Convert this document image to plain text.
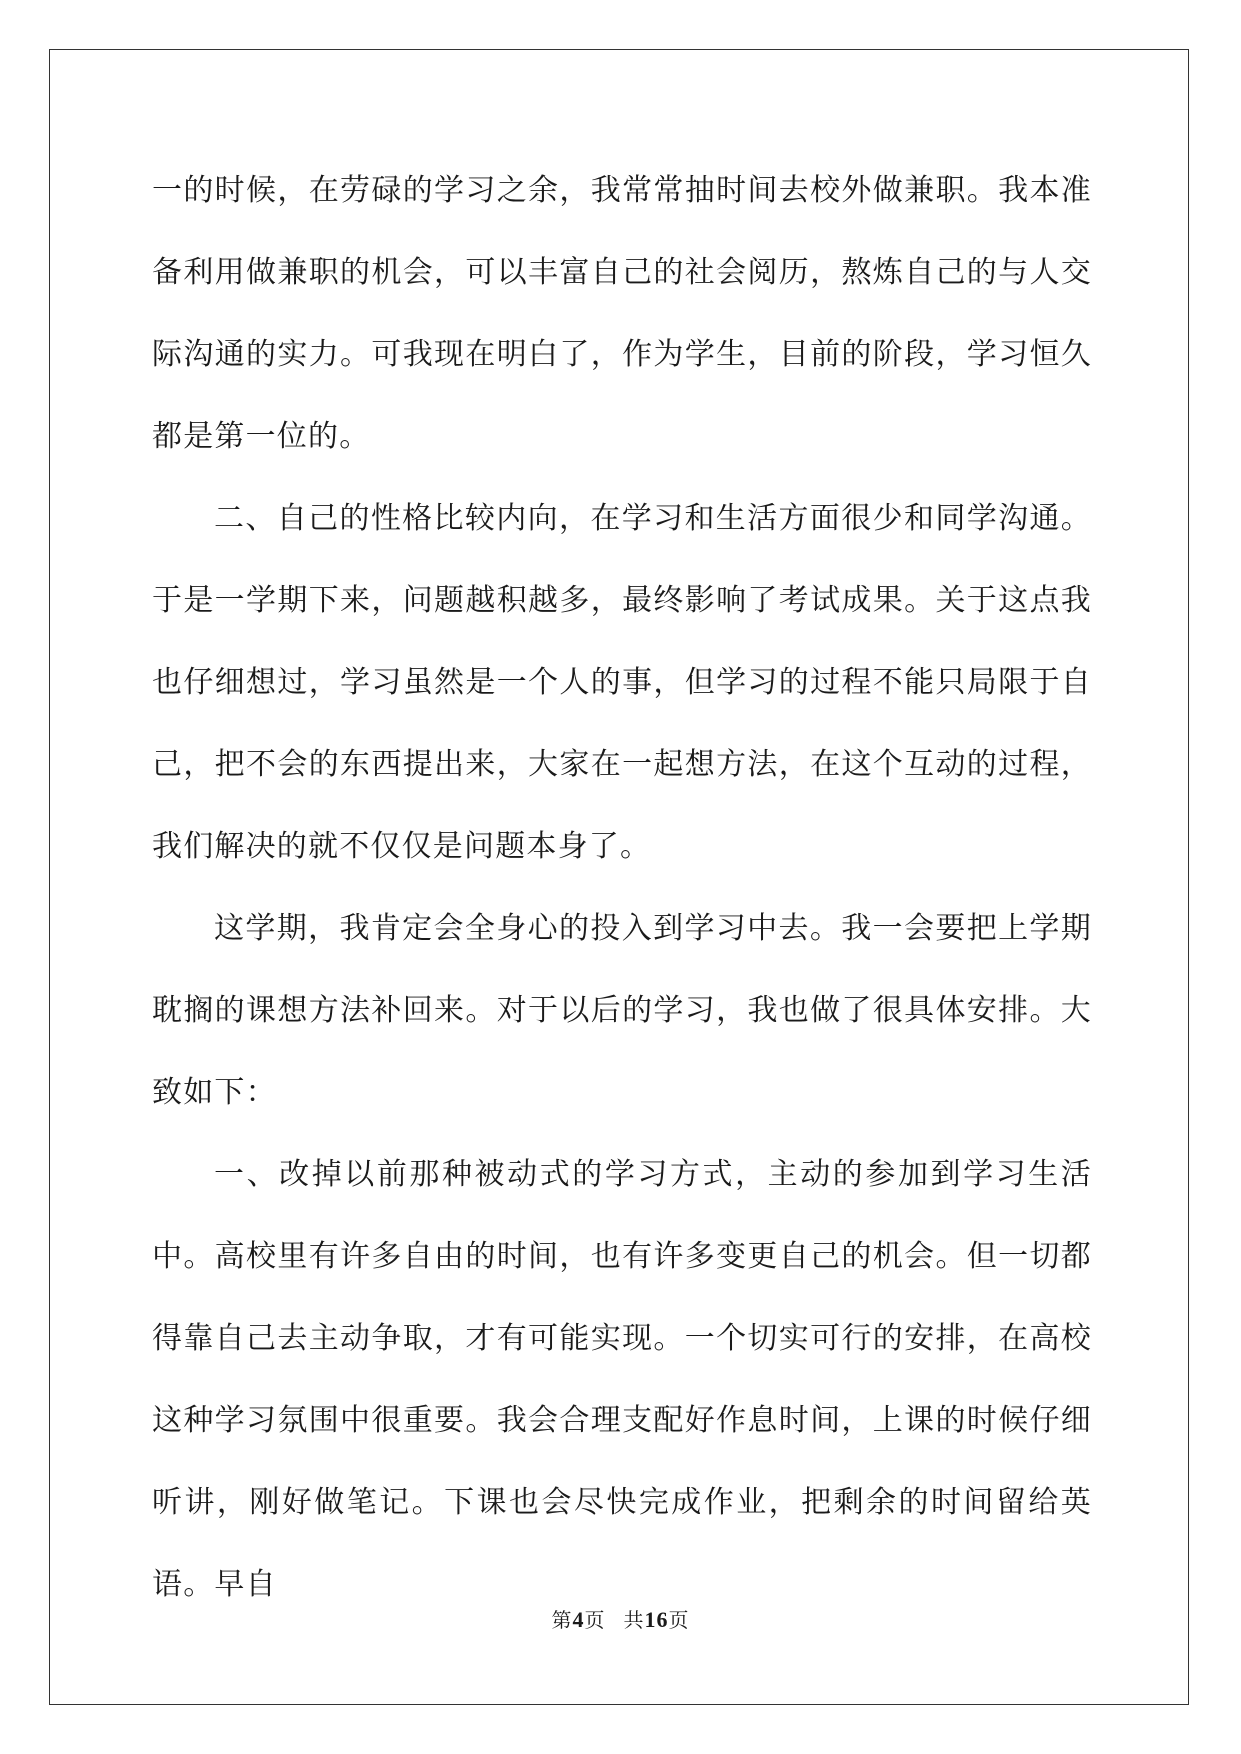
一的时候，在劳碌的学习之余，我常常抽时间去校外做兼职。我本准备利用做兼职的机会，可以丰富自己的社会阅历，熬炼自己的与人交际沟通的实力。可我现在明白了，作为学生，目前的阶段，学习恒久都是第一位的。

二、自己的性格比较内向，在学习和生活方面很少和同学沟通。于是一学期下来，问题越积越多，最终影响了考试成果。关于这点我也仔细想过，学习虽然是一个人的事，但学习的过程不能只局限于自己，把不会的东西提出来，大家在一起想方法，在这个互动的过程，我们解决的就不仅仅是问题本身了。

这学期，我肯定会全身心的投入到学习中去。我一会要把上学期耽搁的课想方法补回来。对于以后的学习，我也做了很具体安排。大致如下：

一、改掉以前那种被动式的学习方式，主动的参加到学习生活中。高校里有许多自由的时间，也有许多变更自己的机会。但一切都得靠自己去主动争取，才有可能实现。一个切实可行的安排，在高校这种学习氛围中很重要。我会合理支配好作息时间，上课的时候仔细听讲，刚好做笔记。下课也会尽快完成作业，把剩余的时间留给英语。早自

第4页 共16页
